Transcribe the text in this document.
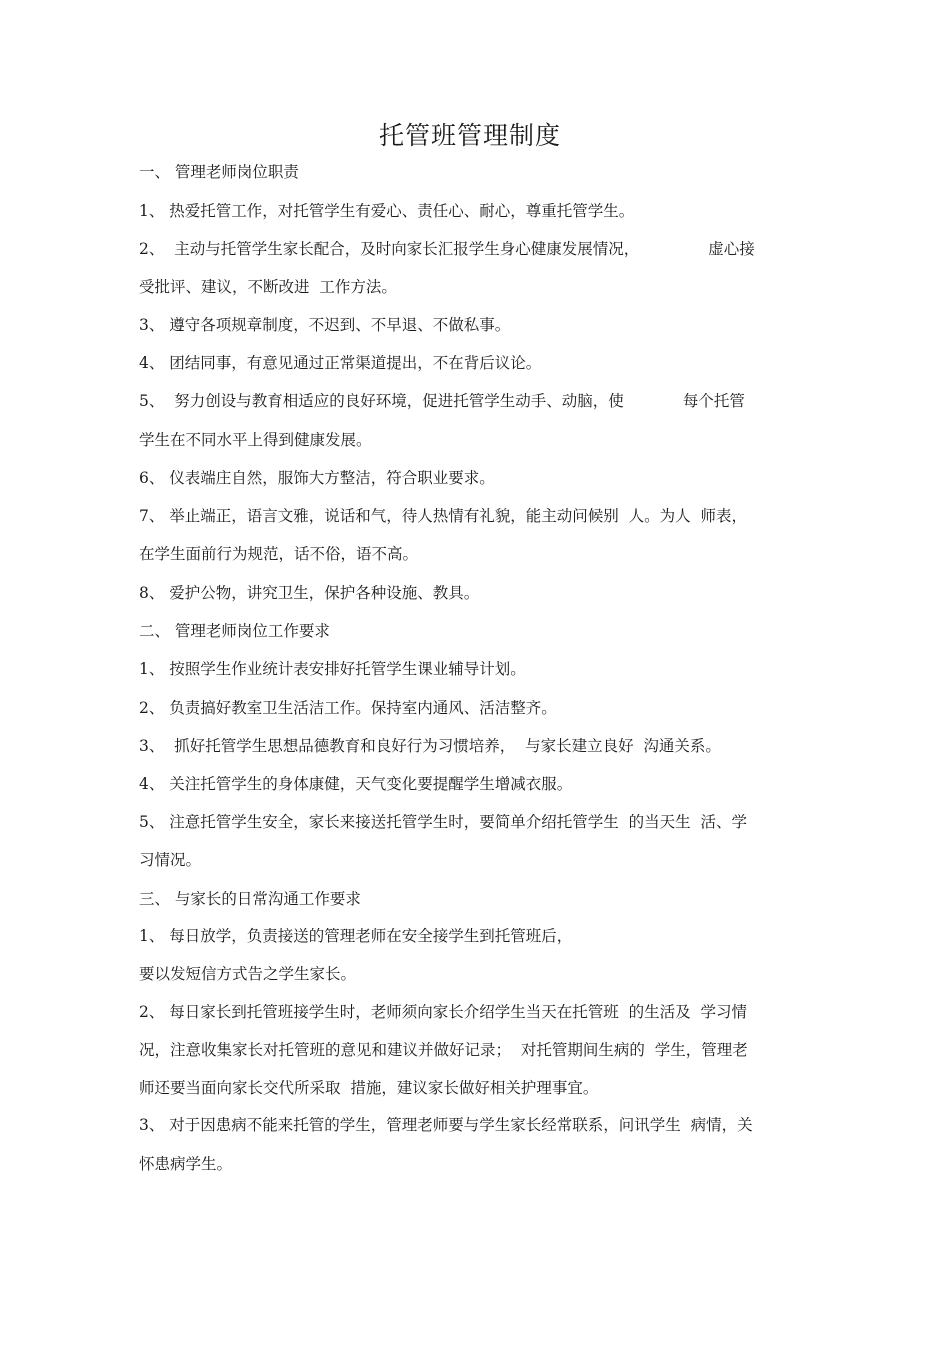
托管班管理制度
一、 管理老师岗位职责
1、 热爱托管工作，对托管学生有爱心、责任心、耐心，尊重托管学生。
2、  主动与托管学生家长配合，及时向家长汇报学生身心健康发展情况，              虚心接
受批评、建议，不断改进  工作方法。
3、 遵守各项规章制度，不迟到、不早退、不做私事。
4、 团结同事，有意见通过正常渠道提出，不在背后议论。
5、  努力创设与教育相适应的良好环境，促进托管学生动手、动脑，使            每个托管
学生在不同水平上得到健康发展。
6、 仪表端庄自然，服饰大方整洁，符合职业要求。
7、 举止端正，语言文雅，说话和气，待人热情有礼貌，能主动问候别  人。为人  师表，
在学生面前行为规范，话不俗，语不高。
8、 爱护公物，讲究卫生，保护各种设施、教具。
二、 管理老师岗位工作要求
1、 按照学生作业统计表安排好托管学生课业辅导计划。
2、 负责搞好教室卫生活洁工作。保持室内通风、活洁整齐。
3、  抓好托管学生思想品德教育和良好行为习惯培养，  与家长建立良好  沟通关系。
4、 关注托管学生的身体康健，天气变化要提醒学生增减衣服。
5、 注意托管学生安全，家长来接送托管学生时，要简单介绍托管学生  的当天生  活、学
习情况。
三、 与家长的日常沟通工作要求
1、 每日放学，负责接送的管理老师在安全接学生到托管班后，
要以发短信方式告之学生家长。
2、 每日家长到托管班接学生时，老师须向家长介绍学生当天在托管班  的生活及  学习情
况，注意收集家长对托管班的意见和建议并做好记录；  对托管期间生病的  学生，管理老
师还要当面向家长交代所采取  措施，建议家长做好相关护理事宜。
3、 对于因患病不能来托管的学生，管理老师要与学生家长经常联系，问讯学生  病情，关
怀患病学生。
